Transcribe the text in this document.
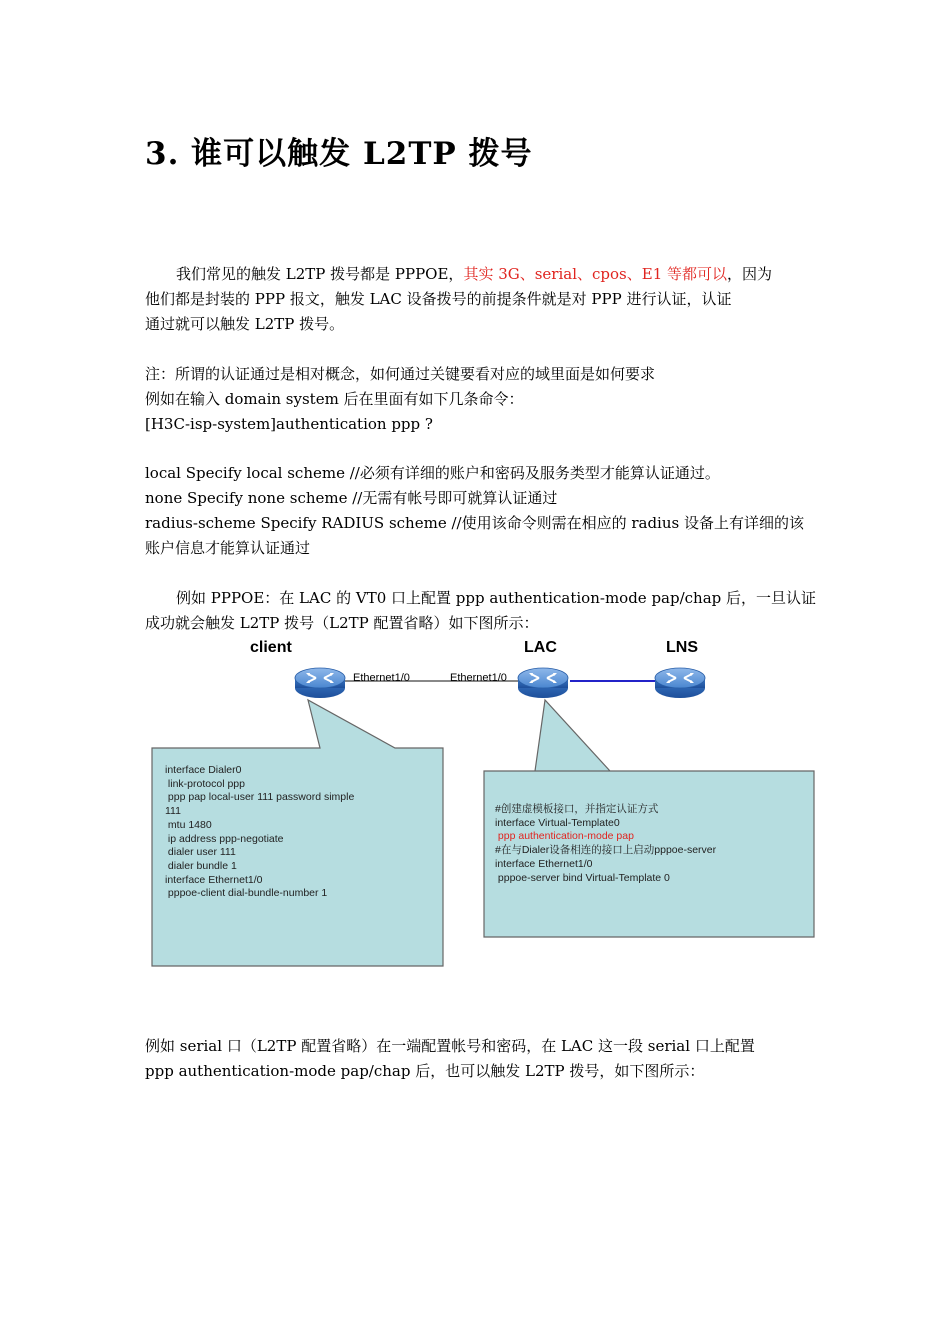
3. 谁可以触发 L2TP 拨号
我们常见的触发 L2TP 拨号都是 PPPOE，其实 3G、serial、cpos、E1 等都可以，因为
他们都是封装的 PPP 报文，触发 LAC 设备拨号的前提条件就是对 PPP 进行认证，认证
通过就可以触发 L2TP 拨号。
注：所谓的认证通过是相对概念，如何通过关键要看对应的域里面是如何要求
例如在输入 domain system 后在里面有如下几条命令：
[H3C-isp-system]authentication ppp ?
local Specify local scheme //必须有详细的账户和密码及服务类型才能算认证通过。
none Specify none scheme //无需有帐号即可就算认证通过
radius-scheme Specify RADIUS scheme //使用该命令则需在相应的 radius 设备上有详细的该
账户信息才能算认证通过
例如 PPPOE：在 LAC 的 VT0 口上配置 ppp authentication-mode pap/chap 后，一旦认证
成功就会触发 L2TP 拨号（L2TP 配置省略）如下图所示：
client	LAC	LNS
Ethernet1/0	Ethernet1/0
interface Dialer0
link-protocol ppp
ppp pap local-user 111 password simple
111
mtu 1480
ip address ppp-negotiate
dialer user 111
dialer bundle 1
interface Ethernet1/0
pppoe-client dial-bundle-number 1
#创建虚模板接口，并指定认证方式
interface Virtual-Template0
ppp authentication-mode pap
#在与Dialer设备相连的接口上启动pppoe-server
interface Ethernet1/0
pppoe-server bind Virtual-Template 0
例如 serial 口（L2TP 配置省略）在一端配置帐号和密码，在 LAC 这一段 serial 口上配置
ppp authentication-mode pap/chap 后，也可以触发 L2TP 拨号，如下图所示：
